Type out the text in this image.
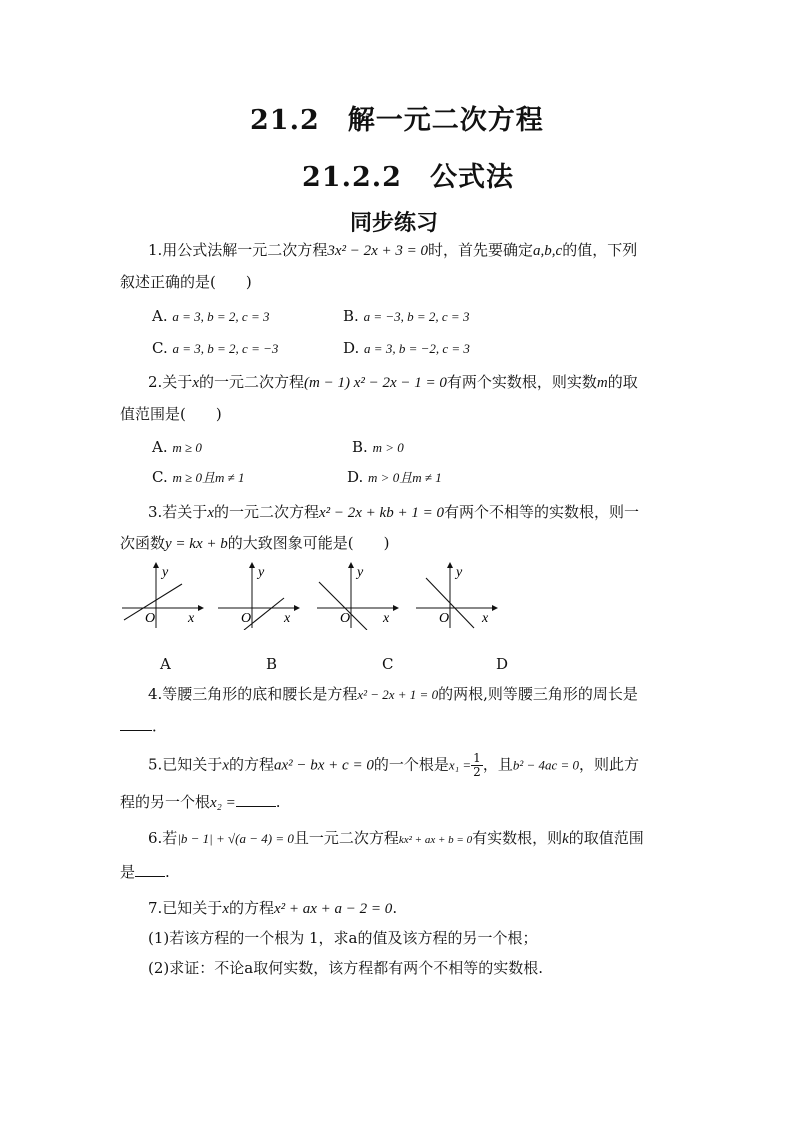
21.2　解一元二次方程
21.2.2　公式法
同步练习
1.用公式法解一元二次方程3x² − 2x + 3 = 0时，首先要确定a,b,c的值，下列
叙述正确的是(　　)
A. a = 3, b = 2, c = 3	B. a = −3, b = 2, c = 3
C. a = 3, b = 2, c = −3	D. a = 3, b = −2, c = 3
2.关于x的一元二次方程(m − 1) x² − 2x − 1 = 0有两个实数根，则实数m的取
值范围是(　　)
A. m ≥ 0	B. m > 0
C. m ≥ 0且m ≠ 1	D. m > 0且m ≠ 1
3.若关于x的一元二次方程x² − 2x + kb + 1 = 0有两个不相等的实数根，则一
次函数y = kx + b的大致图象可能是(　　)
y
x
O
y
x
O
y
x
O
y
x
O
A	B	C	D
4.等腰三角形的底和腰长是方程x² − 2x + 1 = 0的两根,则等腰三角形的周长是
．
5.已知关于x的方程ax² − bx + c = 0的一个根是$x_1 = \frac{1}{2}$ ，且b² − 4ac = 0，则此方
程的另一个根x₂ =	.
6.若|b − 1| + √(a − 4) = 0且一元二次方程kx² + ax + b = 0有实数根，则k的取值范围
是 .
7.已知关于x的方程x² + ax + a − 2 = 0.
(1)若该方程的一个根为 1，求a的值及该方程的另一个根；
(2)求证：不论a取何实数，该方程都有两个不相等的实数根.
